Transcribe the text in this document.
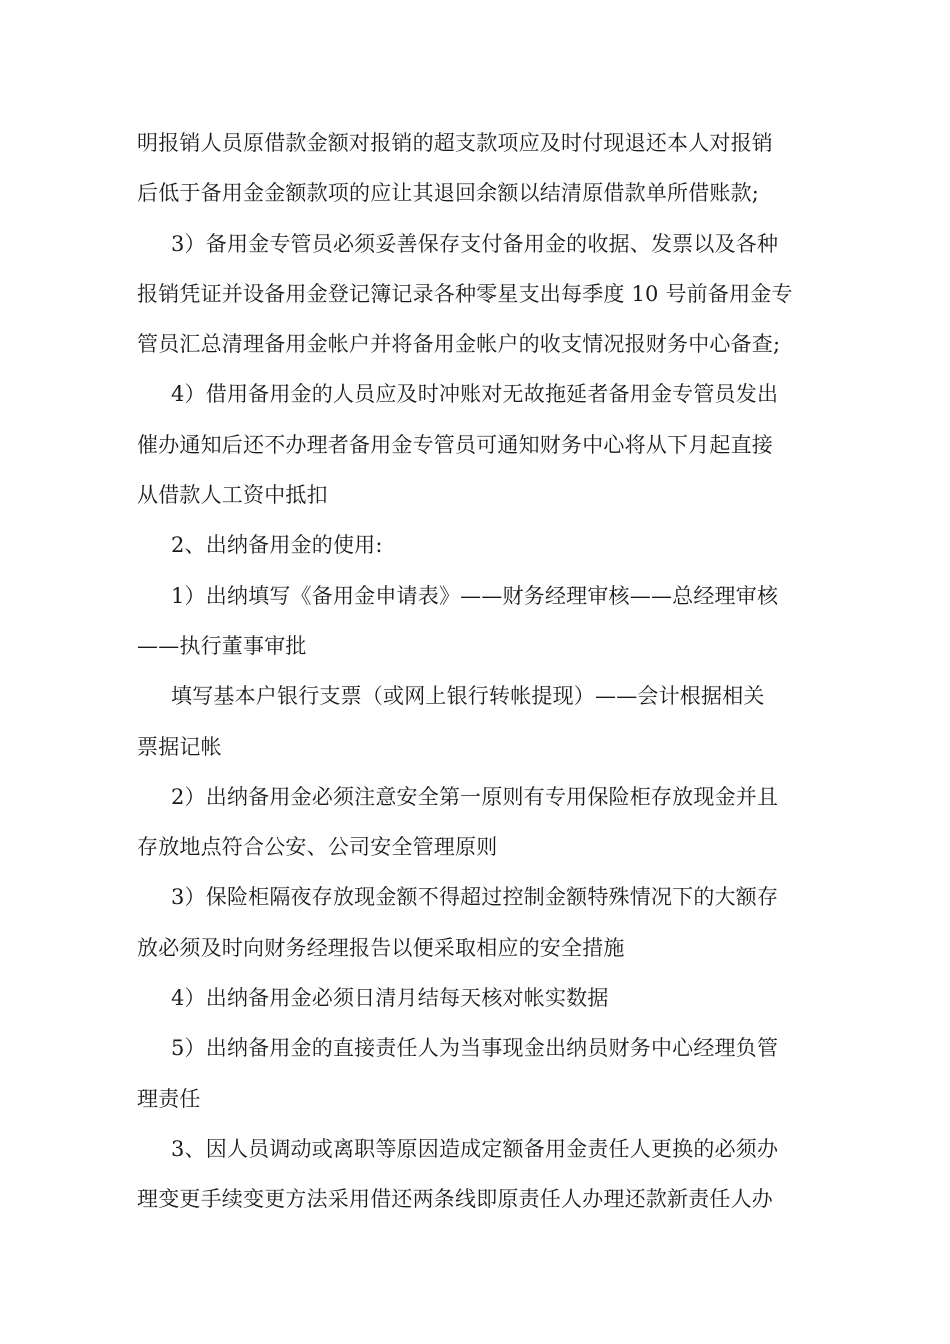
明报销人员原借款金额对报销的超支款项应及时付现退还本人对报销
后低于备用金金额款项的应让其退回余额以结清原借款单所借账款;
3）备用金专管员必须妥善保存支付备用金的收据、发票以及各种
报销凭证并设备用金登记簿记录各种零星支出每季度 10 号前备用金专
管员汇总清理备用金帐户并将备用金帐户的收支情况报财务中心备查;
4）借用备用金的人员应及时冲账对无故拖延者备用金专管员发出
催办通知后还不办理者备用金专管员可通知财务中心将从下月起直接
从借款人工资中抵扣
2、出纳备用金的使用:
1）出纳填写《备用金申请表》——财务经理审核——总经理审核
——执行董事审批
填写基本户银行支票（或网上银行转帐提现）——会计根据相关
票据记帐
2）出纳备用金必须注意安全第一原则有专用保险柜存放现金并且
存放地点符合公安、公司安全管理原则
3）保险柜隔夜存放现金额不得超过控制金额特殊情况下的大额存
放必须及时向财务经理报告以便采取相应的安全措施
4）出纳备用金必须日清月结每天核对帐实数据
5）出纳备用金的直接责任人为当事现金出纳员财务中心经理负管
理责任
3、因人员调动或离职等原因造成定额备用金责任人更换的必须办
理变更手续变更方法采用借还两条线即原责任人办理还款新责任人办
